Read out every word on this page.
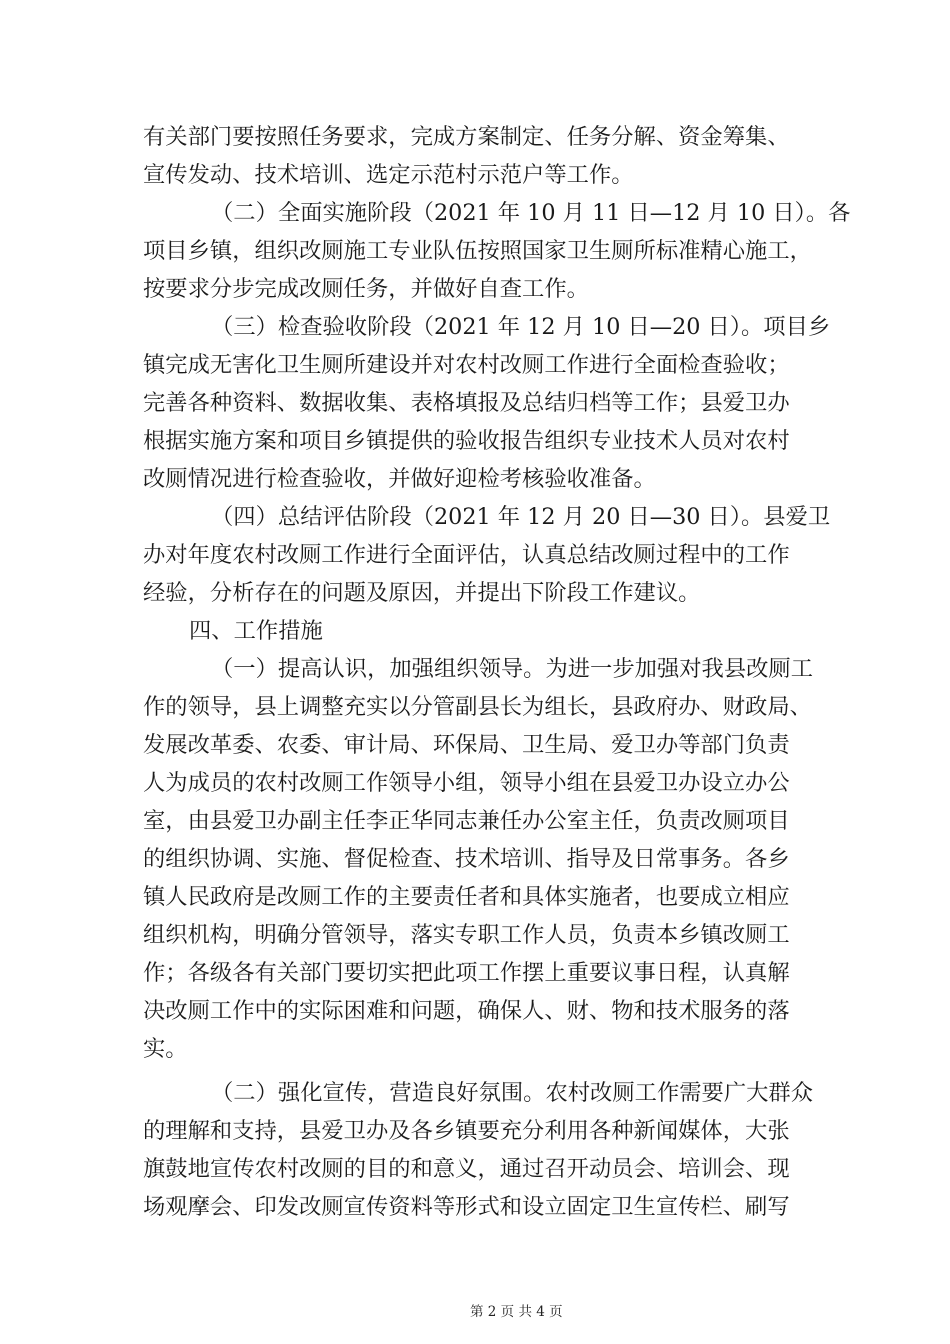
有关部门要按照任务要求，完成方案制定、任务分解、资金筹集、
宣传发动、技术培训、选定示范村示范户等工作。
（二）全面实施阶段（2021 年 10 月 11 日—12 月 10 日）。各
项目乡镇，组织改厕施工专业队伍按照国家卫生厕所标准精心施工，
按要求分步完成改厕任务，并做好自查工作。
（三）检查验收阶段（2021 年 12 月 10 日—20 日）。项目乡
镇完成无害化卫生厕所建设并对农村改厕工作进行全面检查验收；
完善各种资料、数据收集、表格填报及总结归档等工作；县爱卫办
根据实施方案和项目乡镇提供的验收报告组织专业技术人员对农村
改厕情况进行检查验收，并做好迎检考核验收准备。
（四）总结评估阶段（2021 年 12 月 20 日—30 日）。县爱卫
办对年度农村改厕工作进行全面评估，认真总结改厕过程中的工作
经验，分析存在的问题及原因，并提出下阶段工作建议。
四、工作措施
（一）提高认识，加强组织领导。为进一步加强对我县改厕工
作的领导，县上调整充实以分管副县长为组长，县政府办、财政局、
发展改革委、农委、审计局、环保局、卫生局、爱卫办等部门负责
人为成员的农村改厕工作领导小组，领导小组在县爱卫办设立办公
室，由县爱卫办副主任李正华同志兼任办公室主任，负责改厕项目
的组织协调、实施、督促检查、技术培训、指导及日常事务。各乡
镇人民政府是改厕工作的主要责任者和具体实施者，也要成立相应
组织机构，明确分管领导，落实专职工作人员，负责本乡镇改厕工
作；各级各有关部门要切实把此项工作摆上重要议事日程，认真解
决改厕工作中的实际困难和问题，确保人、财、物和技术服务的落
实。
（二）强化宣传，营造良好氛围。农村改厕工作需要广大群众
的理解和支持，县爱卫办及各乡镇要充分利用各种新闻媒体，大张
旗鼓地宣传农村改厕的目的和意义，通过召开动员会、培训会、现
场观摩会、印发改厕宣传资料等形式和设立固定卫生宣传栏、刷写
第 2 页 共 4 页
